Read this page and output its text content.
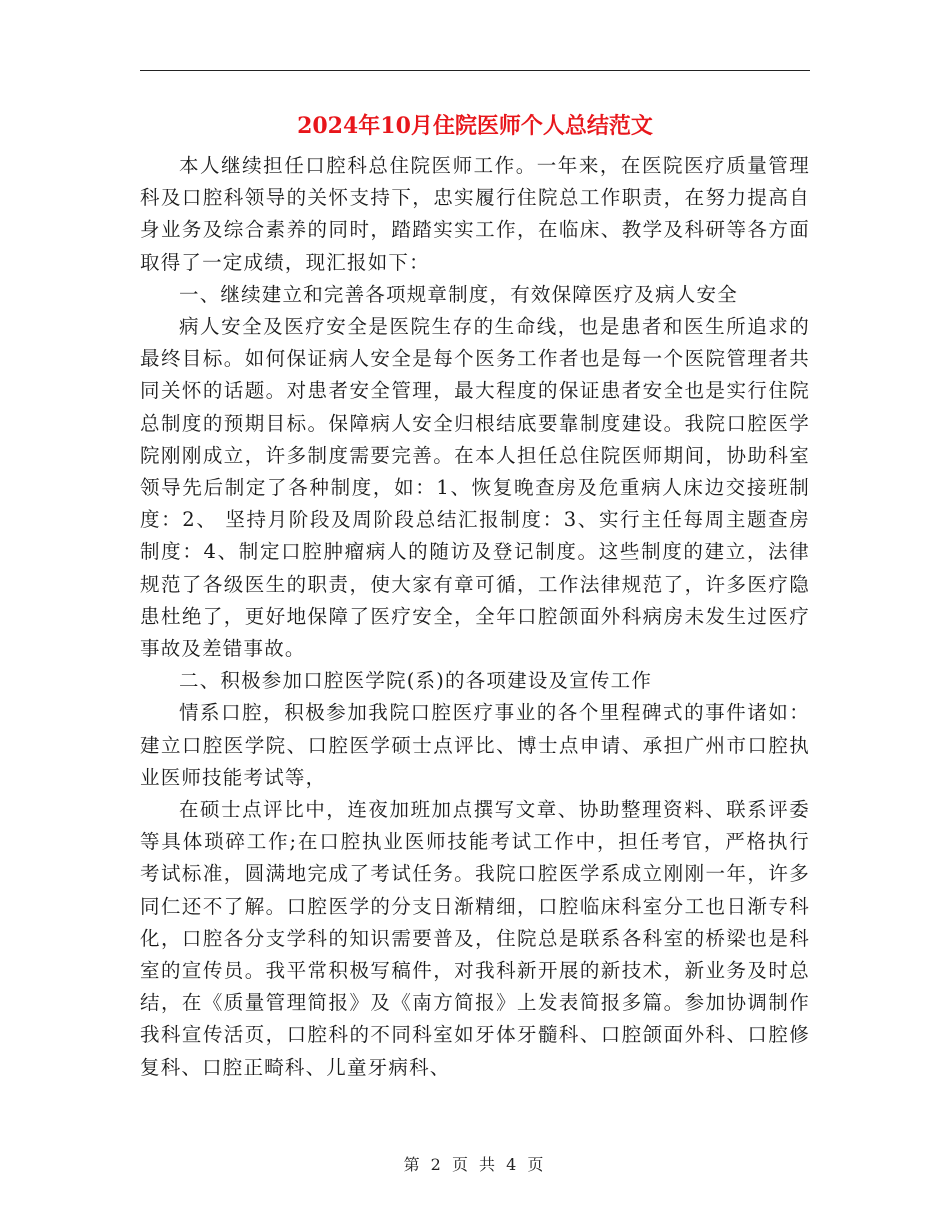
2024年10月住院医师个人总结范文

本人继续担任口腔科总住院医师工作。一年来，在医院医疗质量管理科及口腔科领导的关怀支持下，忠实履行住院总工作职责，在努力提高自身业务及综合素养的同时，踏踏实实工作，在临床、教学及科研等各方面取得了一定成绩，现汇报如下：

一、继续建立和完善各项规章制度，有效保障医疗及病人安全

病人安全及医疗安全是医院生存的生命线，也是患者和医生所追求的最终目标。如何保证病人安全是每个医务工作者也是每一个医院管理者共同关怀的话题。对患者安全管理，最大程度的保证患者安全也是实行住院总制度的预期目标。保障病人安全归根结底要靠制度建设。我院口腔医学院刚刚成立，许多制度需要完善。在本人担任总住院医师期间，协助科室领导先后制定了各种制度，如：1、恢复晚查房及危重病人床边交接班制度：2、 坚持月阶段及周阶段总结汇报制度：3、实行主任每周主题查房制度：4、制定口腔肿瘤病人的随访及登记制度。这些制度的建立，法律规范了各级医生的职责，使大家有章可循，工作法律规范了，许多医疗隐患杜绝了，更好地保障了医疗安全，全年口腔颌面外科病房未发生过医疗事故及差错事故。

二、积极参加口腔医学院(系)的各项建设及宣传工作

情系口腔，积极参加我院口腔医疗事业的各个里程碑式的事件诸如：建立口腔医学院、口腔医学硕士点评比、博士点申请、承担广州市口腔执业医师技能考试等，

在硕士点评比中，连夜加班加点撰写文章、协助整理资料、联系评委等具体琐碎工作;在口腔执业医师技能考试工作中，担任考官，严格执行考试标准，圆满地完成了考试任务。我院口腔医学系成立刚刚一年，许多同仁还不了解。口腔医学的分支日渐精细，口腔临床科室分工也日渐专科化，口腔各分支学科的知识需要普及，住院总是联系各科室的桥梁也是科室的宣传员。我平常积极写稿件，对我科新开展的新技术，新业务及时总结，在《质量管理简报》及《南方简报》上发表简报多篇。参加协调制作我科宣传活页，口腔科的不同科室如牙体牙髓科、口腔颌面外科、口腔修复科、口腔正畸科、儿童牙病科、

第 2 页 共 4 页
